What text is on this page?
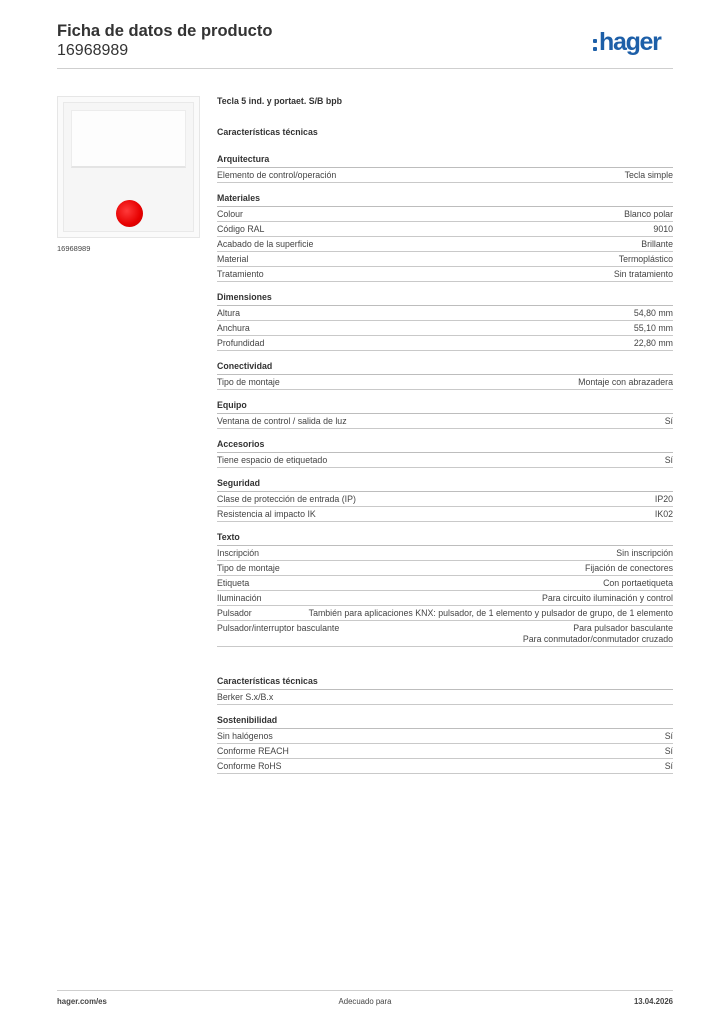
Ficha de datos de producto
16968989	hager
16968989
Tecla 5 ind. y portaet. S/B bpb
Características técnicas
Arquitectura
Elemento de control/operación	Tecla simple
Materiales
Colour	Blanco polar
Código RAL	9010
Acabado de la superficie	Brillante
Material	Termoplástico
Tratamiento	Sin tratamiento
Dimensiones
Altura	54,80 mm
Anchura	55,10 mm
Profundidad	22,80 mm
Conectividad
Tipo de montaje	Montaje con abrazadera
Equipo
Ventana de control / salida de luz	Sí
Accesorios
Tiene espacio de etiquetado	Sí
Seguridad
Clase de protección de entrada (IP)	IP20
Resistencia al impacto IK	IK02
Texto
Inscripción	Sin inscripción
Tipo de montaje	Fijación de conectores
Etiqueta	Con portaetiqueta
Iluminación	Para circuito iluminación y control
Pulsador	También para aplicaciones KNX: pulsador, de 1 elemento y pulsador de grupo, de 1 elemento
Pulsador/interruptor basculante	Para pulsador basculante
Para conmutador/conmutador cruzado
Características técnicas
Berker S.x/B.x
Sostenibilidad
Sin halógenos	Sí
Conforme REACH	Sí
Conforme RoHS	Sí
hager.com/es	Adecuado para	13.04.2026
